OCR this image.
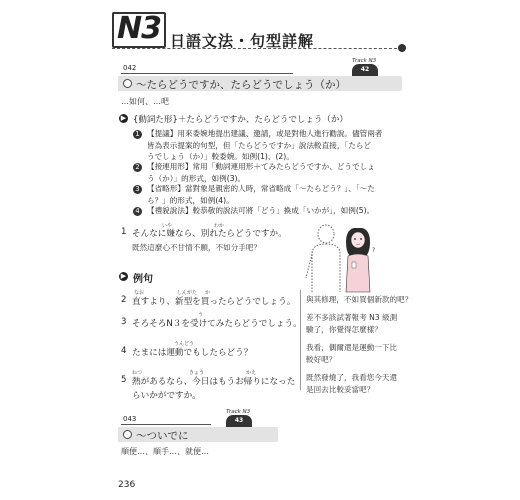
N3 日語文法・句型詳解
042
Track N3
42
〜たらどうですか、たらどうでしょう（か）
…如何、…吧
▶ {動詞た形}＋たらどうですか、たらどうでしょう（か）
1 【提議】用來委婉地提出建議、邀請，或是對他人進行勸說。儘管兩者
皆為表示提案的句型，但「たらどうですか」說法較直接，「たらど
うでしょう（か）」較委婉。如例(1)、(2)。
2 【接連用形】常用「動詞連用形＋てみたらどうですか、どうでしょ
う（か）」的形式，如例(3)。
3 【省略形】當對象是親密的人時，常省略成「〜たらどう？」、「〜た
ら？」的形式，如例(4)。
4 【禮貌說法】較恭敬的說法可將「どう」換成「いかが」，如例(5)。
いや	わか
1 そんなに嫌なら、別れたらどうですか。
既然這麼心不甘情不願，不如分手吧？	?
▶ 例句
なお	しんがた か
2 直すより、新型を買ったらどうでしょう。 與其修理，不如買個新款的吧？
う
3 そろそろN３を受けてみたらどうでしょう。
差不多該試著報考 N3 級測
驗了，你覺得怎麼樣？
うんどう
4 たまには運動でもしたらどう？
我看，偶爾還是運動一下比
較好吧？
ねつ	きょう	かえ
5 熱があるなら、今日はもうお帰りになった
らいかがですか。
既然發燒了，我看您今天還
是回去比較妥當吧？
043
Track N3
43
〜ついでに
順便…、順手…、就便…
236
